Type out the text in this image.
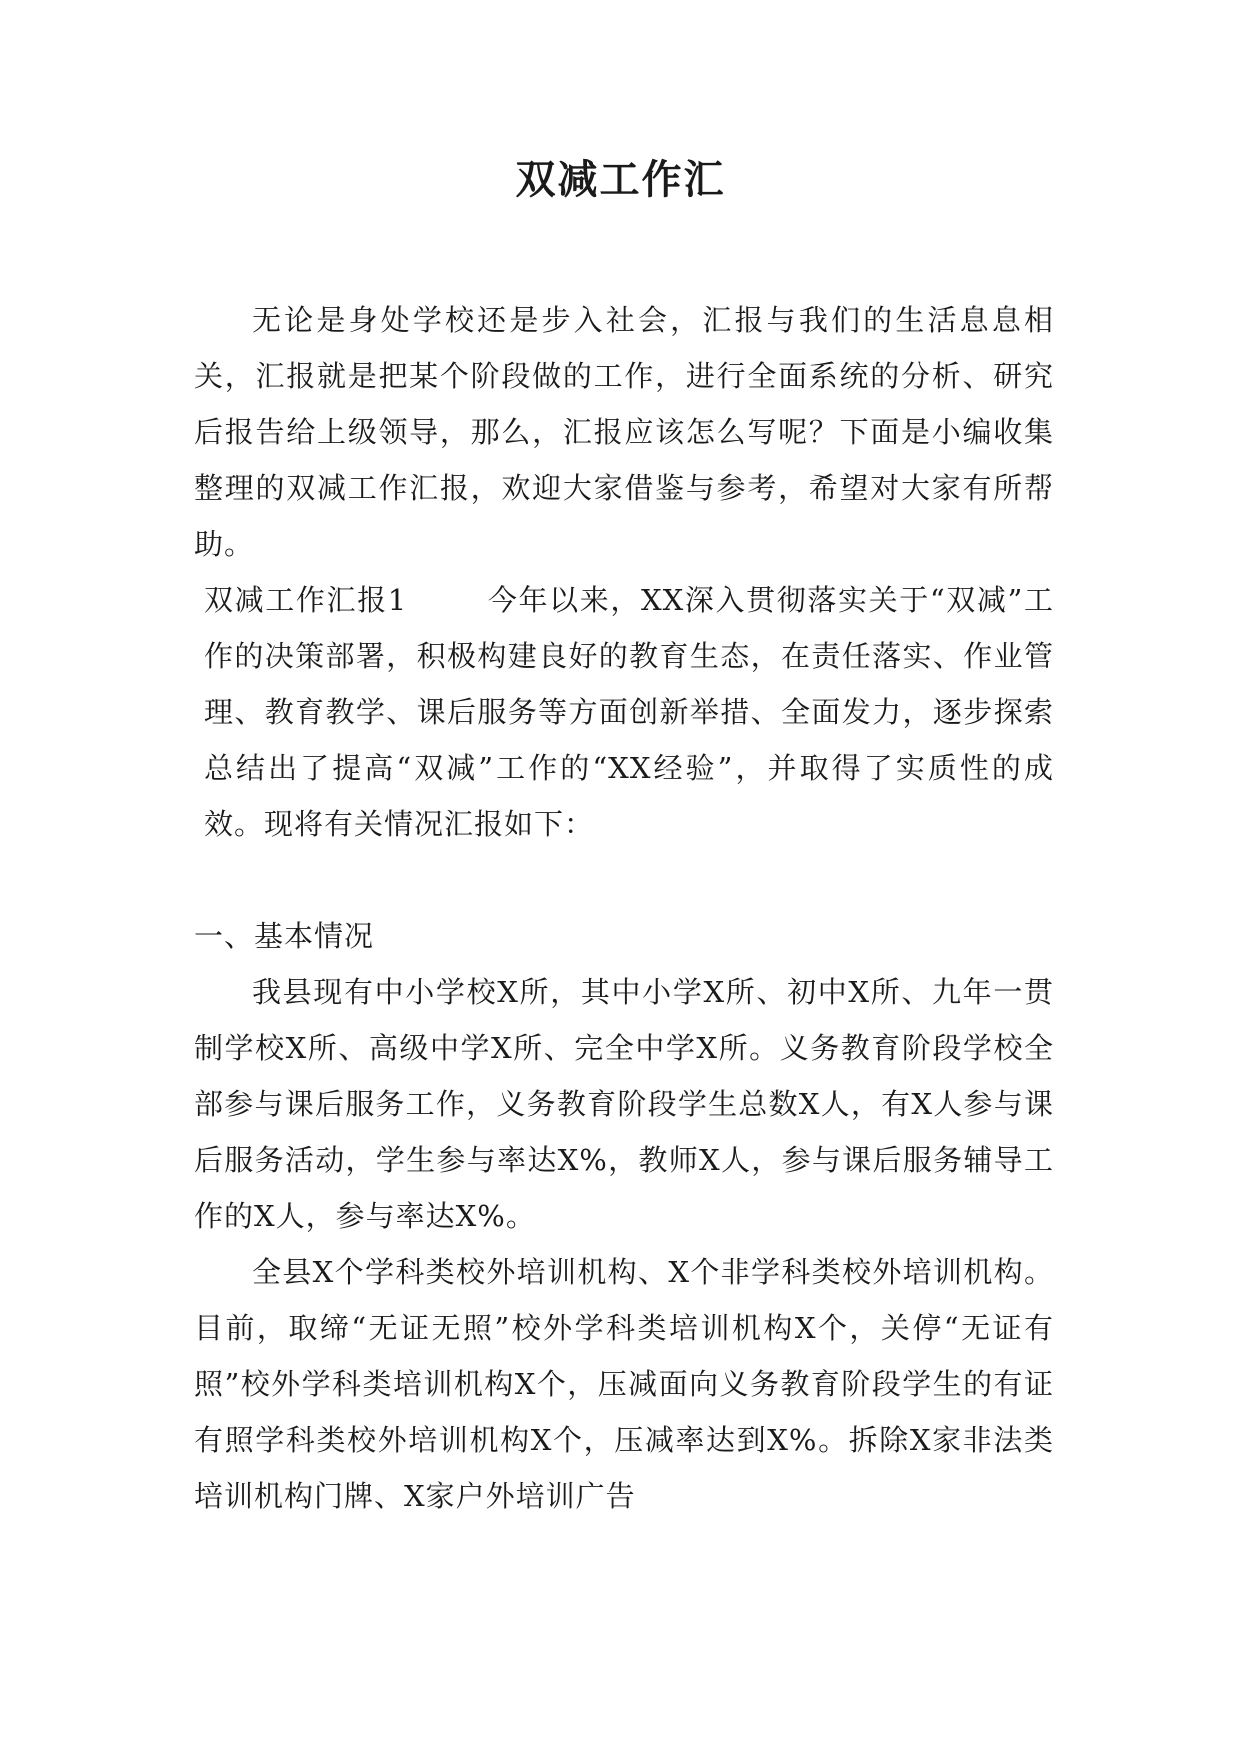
双减工作汇

无论是身处学校还是步入社会，汇报与我们的生活息息相关，汇报就是把某个阶段做的工作，进行全面系统的分析、研究后报告给上级领导，那么，汇报应该怎么写呢？下面是小编收集整理的双减工作汇报，欢迎大家借鉴与参考，希望对大家有所帮助。

双减工作汇报1	今年以来，XX深入贯彻落实关于“双减”工作的决策部署，积极构建良好的教育生态，在责任落实、作业管理、教育教学、课后服务等方面创新举措、全面发力，逐步探索总结出了提高“双减”工作的“XX经验”，并取得了实质性的成效。现将有关情况汇报如下：

一、基本情况

我县现有中小学校X所，其中小学X所、初中X所、九年一贯制学校X所、高级中学X所、完全中学X所。义务教育阶段学校全部参与课后服务工作，义务教育阶段学生总数X人，有X人参与课后服务活动，学生参与率达X%，教师X人，参与课后服务辅导工作的X人，参与率达X%。

全县X个学科类校外培训机构、X个非学科类校外培训机构。目前，取缔“无证无照”校外学科类培训机构X个，关停“无证有照”校外学科类培训机构X个，压减面向义务教育阶段学生的有证有照学科类校外培训机构X个，压减率达到X%。拆除X家非法类培训机构门牌、X家户外培训广告
